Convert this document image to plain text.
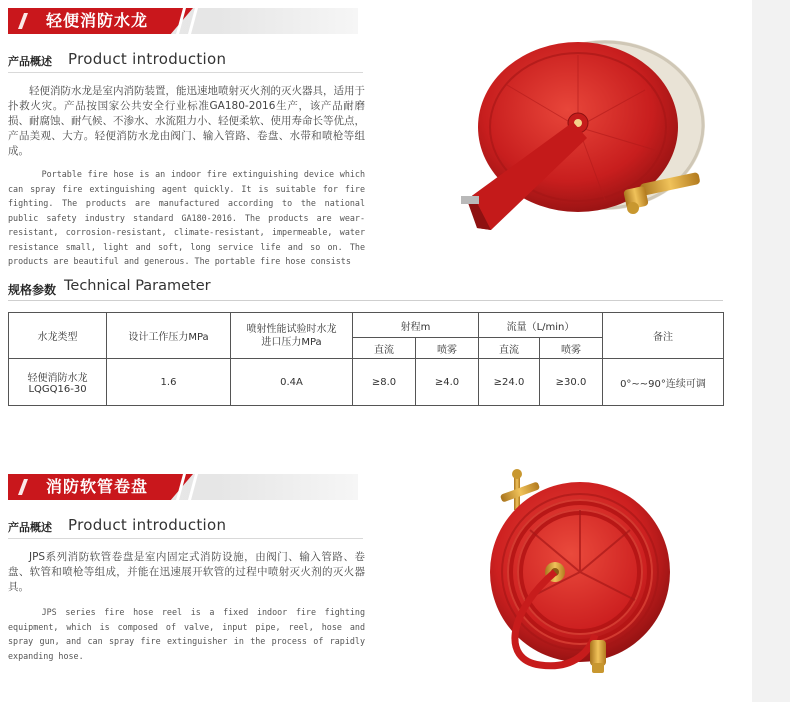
轻便消防水龙
产品概述 Product introduction

轻便消防水龙是室内消防装置，能迅速地喷射灭火剂的灭火器具，适用于扑救火灾。产品按国家公共安全行业标准GA180-2016生产，该产品耐磨损、耐腐蚀、耐气候、不渗水、水流阻力小、轻便柔软、使用寿命长等优点，产品美观、大方。轻便消防水龙由阀门、输入管路、卷盘、水带和喷枪等组成。

Portable fire hose is an indoor fire extinguishing device which can spray fire extinguishing agent quickly. It is suitable for fire fighting. The products are manufactured according to the national public safety industry standard GA180-2016. The products are wear-resistant, corrosion-resistant, climate-resistant, impermeable, water resistance small, light and soft, long service life and so on. The products are beautiful and generous. The portable fire hose consists

规格参数 Technical Parameter
水龙类型	设计工作压力MPa	喷射性能试验时水龙进口压力MPa	射程m		流量（L/min）		备注
			直流	喷雾	直流	喷雾	

轻便消防水龙
LQGQ16-30	1.6	0.4A	≥8.0	≥4.0	≥24.0	≥30.0	0°~~90°连续可调
消防软管卷盘
产品概述 Product introduction

JPS系列消防软管卷盘是室内固定式消防设施，由阀门、输入管路、卷盘、软管和喷枪等组成，并能在迅速展开软管的过程中喷射灭火剂的灭火器具。

JPS series fire hose reel is a fixed indoor fire fighting equipment, which is composed of valve, input pipe, reel, hose and spray gun, and can spray fire extinguisher in the process of rapidly expanding hose.
